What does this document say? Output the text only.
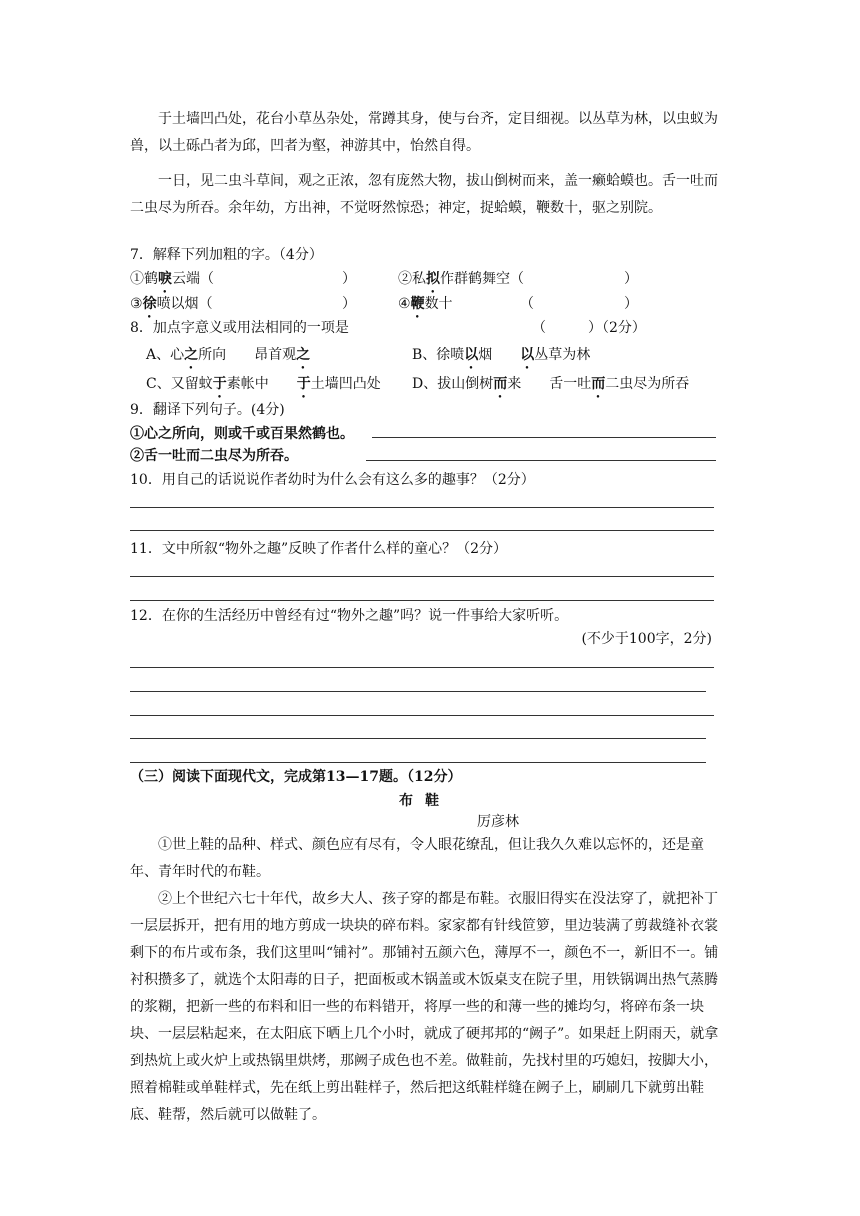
于土墙凹凸处，花台小草丛杂处，常蹲其身，使与台齐，定目细视。以丛草为林，以虫蚁为兽，以土砾凸者为邱，凹者为壑，神游其中，怡然自得。

一日，见二虫斗草间，观之正浓，忽有庞然大物，拔山倒树而来，盖一癞蛤蟆也。舌一吐而二虫尽为所吞。余年幼，方出神，不觉呀然惊恐；神定，捉蛤蟆，鞭数十，驱之别院。

7．解释下列加粗的字。（4分）
①鹤唳云端（	）	②私拟作群鹤舞空（	）
③徐喷以烟（	）	④鞭数十	（	）
8．加点字意义或用法相同的一项是	（　　　）（2分）
A、心之所向　　昂首观之	B、徐喷以烟　　以丛草为林
C、又留蚊于素帐中　　于土墙凹凸处 D、拔山倒树而来　　舌一吐而二虫尽为所吞
9．翻译下列句子。(4分)
①心之所向，则或千或百果然鹤也。
②舌一吐而二虫尽为所吞。
10．用自己的话说说作者幼时为什么会有这么多的趣事？（2分）
11．文中所叙“物外之趣”反映了作者什么样的童心？（2分）
12．在你的生活经历中曾经有过“物外之趣”吗？说一件事给大家听听。
(不少于100字，2分)
（三）阅读下面现代文，完成第13—17题。（12分）
布鞋
厉彦林

①世上鞋的品种、样式、颜色应有尽有，令人眼花缭乱，但让我久久难以忘怀的，还是童年、青年时代的布鞋。

②上个世纪六七十年代，故乡大人、孩子穿的都是布鞋。衣服旧得实在没法穿了，就把补丁一层层拆开，把有用的地方剪成一块块的碎布料。家家都有针线笸箩，里边装满了剪裁缝补衣裳剩下的布片或布条，我们这里叫“铺衬”。那铺衬五颜六色，薄厚不一，颜色不一，新旧不一。铺衬积攒多了，就选个太阳毒的日子，把面板或木锅盖或木饭桌支在院子里，用铁锅调出热气蒸腾的浆糊，把新一些的布料和旧一些的布料错开，将厚一些的和薄一些的摊均匀，将碎布条一块块、一层层粘起来，在太阳底下晒上几个小时，就成了硬邦邦的“阙子”。如果赶上阴雨天，就拿到热炕上或火炉上或热锅里烘烤，那阙子成色也不差。做鞋前，先找村里的巧媳妇，按脚大小，照着棉鞋或单鞋样式，先在纸上剪出鞋样子，然后把这纸鞋样缝在阙子上，刷刷几下就剪出鞋底、鞋帮，然后就可以做鞋了。
